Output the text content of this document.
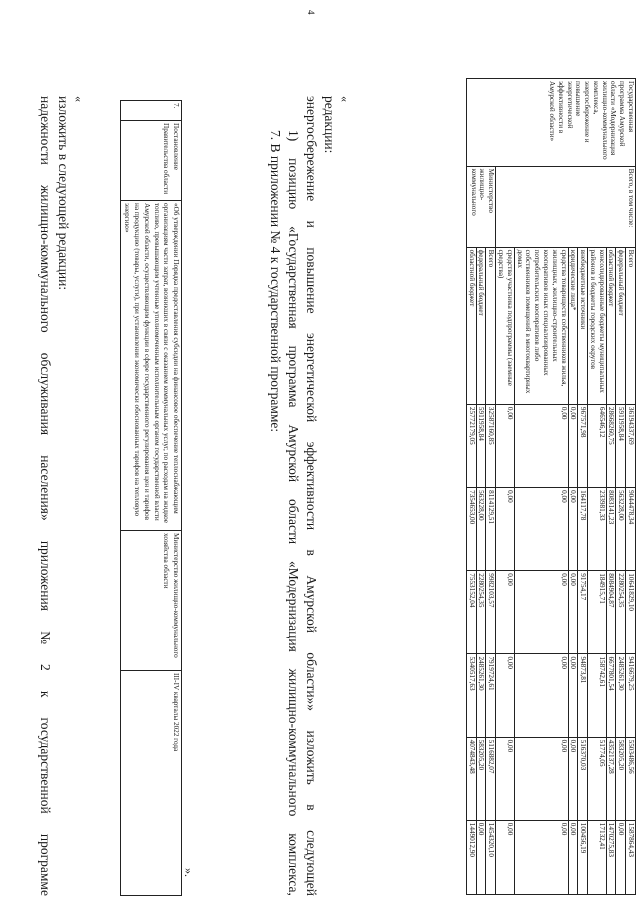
4
надежности
жилищно-коммунального
обслуживания
населения»
приложения
№
2
к
государственной
программе
изложить в следующей редакции: «
7.	Постановление Правительства области	«Об утверждении Порядка предоставления субсидии на финансовое обеспечение теплоснабжающим организациям части затрат, возникших в связи с оказанием коммунальных услуг, по расходам на жидкое топливо, превышающим учтенные уполномоченным исполнительным органом государственной власти Амурской области, осуществляющим функции в сфере государственного регулирования цен и тарифов на продукцию (товары, услуги), при установлении экономически обоснованных тарифов на тепловую энергию»	Министерство жилищно-коммунального хозяйства области	III-IV кварталы 2022 года
».
7. В приложении № 4 к государственной программе: 1)
позицию
«Государственная
программа
Амурской
области
«Модернизация
жилищно-коммунального
комплекса,
энергосбережение
и
повышение
энергетической
эффективности
в
Амурской
области»»
изложить
в
следующей
редакции: «	Государственная программа Амурской области «Модернизация жилищно-коммунального комплекса, энергосбережение и повышение энергетической эффективности в Амурской области»	Всего, в том числе:	Всего	36194337,69	9044478,34	10641829,10	9416679,25	5503486,56	1587864,43
		федеральный бюджет	5911958,84	563228,00	2280254,35	2485261,30	583205,20	0,00
		областной бюджет	28668260,75	8083141,23	8084904,87	6677801,54	4352137,28	1470275,83
		консолидированные бюджеты муниципальных районов и бюджеты городских округов	646546,12	233981,33	184915,71	158742,61	51774,05	17132,41
		внебюджетные источники	967571,98	164117,78	91754,17	94873,81	516370,03	100456,19
		юридические лица*	0,00	0,00	0,00	0,00	0,00	0,00
		средства товариществ собственников жилья, жилищных, жилищно-строительных кооперативов иных специализированных потребительских кооперативов либо собственников помещений в многоквартирных домах	0,00	0,00	0,00	0,00	0,00	0,00
		средства участника подпрограммы (заемные средства)	0,00	0,00	0,00	0,00	0,00	0,00
	Министерство жилищно-коммунального	Всего	32587160,85	8114129,51	9982103,57	7919724,61	5116882,07	1454320,10
		федеральный бюджет	5911958,84	563228,00	2280254,35	2485261,30	583205,20	0,00
		областной бюджет	25772179,05	7354653,00	7553152,04	5340517,63	4074843,48	1449012,90
